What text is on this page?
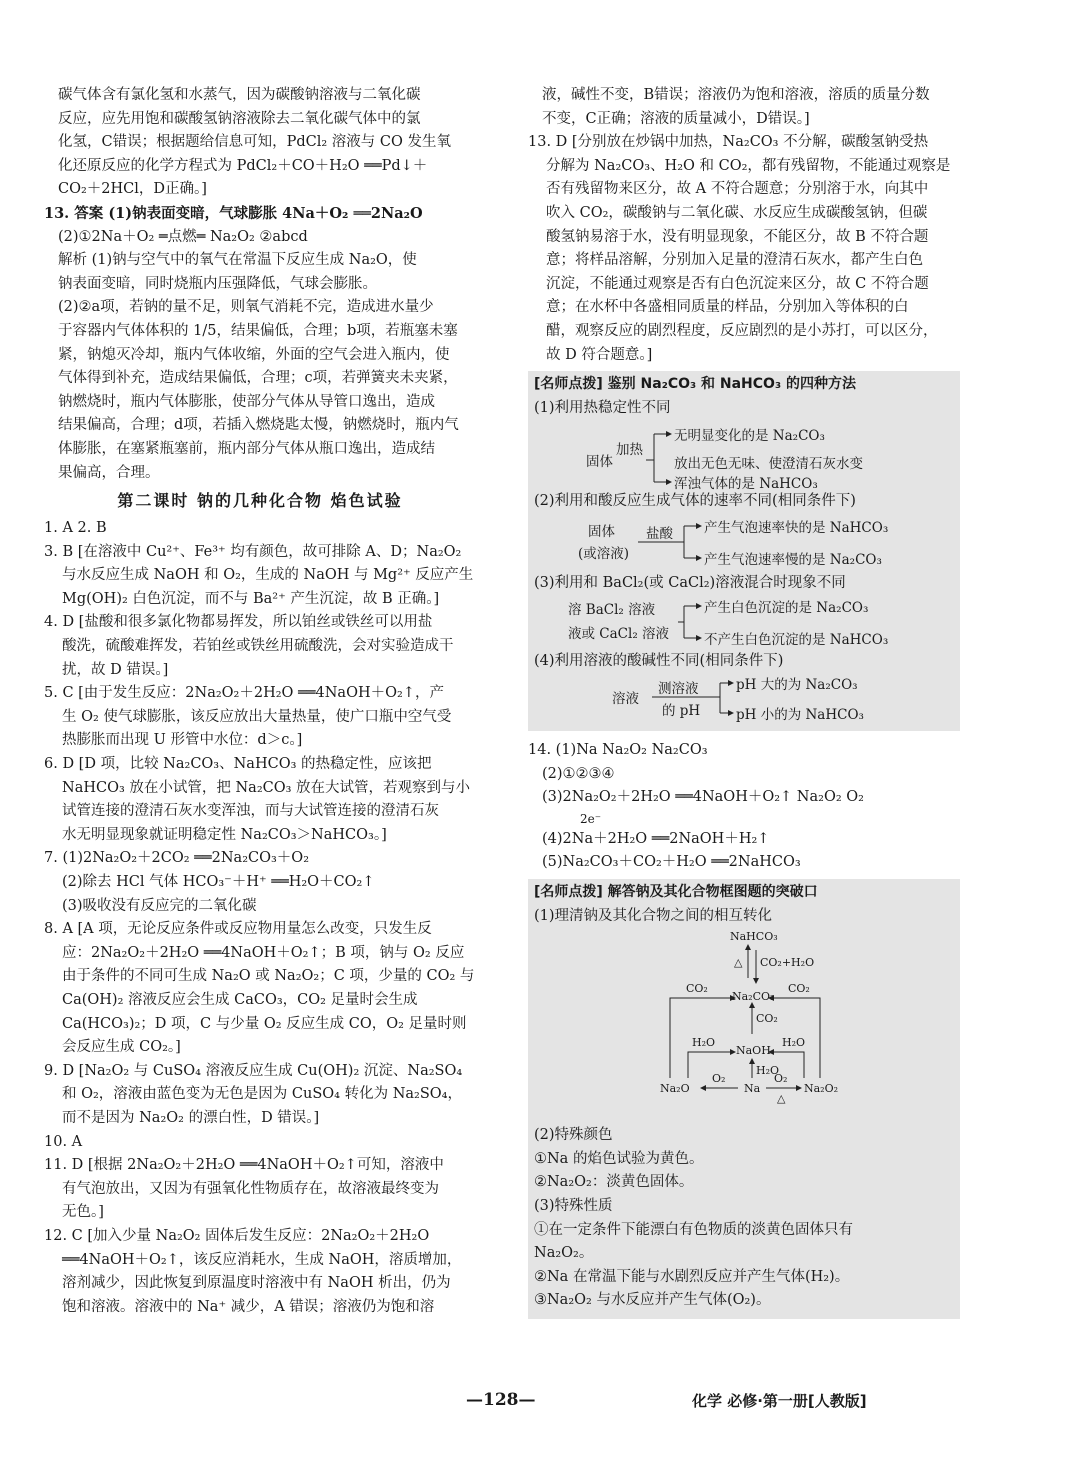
碳气体含有氯化氢和水蒸气，因为碳酸钠溶液与二氧化碳
反应，应先用饱和碳酸氢钠溶液除去二氧化碳气体中的氯
化氢，C错误；根据题给信息可知，PdCl₂ 溶液与 CO 发生氧
化还原反应的化学方程式为 PdCl₂＋CO＋H₂O ══Pd↓＋
CO₂＋2HCl，D正确。]
13. 答案 (1)钠表面变暗，气球膨胀 4Na＋O₂ ══2Na₂O
(2)①2Na＋O₂ ═点燃═ Na₂O₂ ②abcd
解析 (1)钠与空气中的氧气在常温下反应生成 Na₂O，使
钠表面变暗，同时烧瓶内压强降低，气球会膨胀。
(2)②a项，若钠的量不足，则氧气消耗不完，造成进水量少
于容器内气体体积的 1/5，结果偏低，合理；b项，若瓶塞未塞
紧，钠熄灭冷却，瓶内气体收缩，外面的空气会进入瓶内，使
气体得到补充，造成结果偏低，合理；c项，若弹簧夹未夹紧，
钠燃烧时，瓶内气体膨胀，使部分气体从导管口逸出，造成
结果偏高，合理；d项，若插入燃烧匙太慢，钠燃烧时，瓶内气
体膨胀，在塞紧瓶塞前，瓶内部分气体从瓶口逸出，造成结
果偏高，合理。
第二课时 钠的几种化合物 焰色试验
1. A 2. B
3. B [在溶液中 Cu²⁺、Fe³⁺ 均有颜色，故可排除 A、D；Na₂O₂
与水反应生成 NaOH 和 O₂，生成的 NaOH 与 Mg²⁺ 反应产生
Mg(OH)₂ 白色沉淀，而不与 Ba²⁺ 产生沉淀，故 B 正确。]
4. D [盐酸和很多氯化物都易挥发，所以铂丝或铁丝可以用盐
酸洗，硫酸难挥发，若铂丝或铁丝用硫酸洗，会对实验造成干
扰，故 D 错误。]
5. C [由于发生反应：2Na₂O₂＋2H₂O ══4NaOH＋O₂↑，产
生 O₂ 使气球膨胀，该反应放出大量热量，使广口瓶中空气受
热膨胀而出现 U 形管中水位：d＞c。]
6. D [D 项，比较 Na₂CO₃、NaHCO₃ 的热稳定性，应该把
NaHCO₃ 放在小试管，把 Na₂CO₃ 放在大试管，若观察到与小
试管连接的澄清石灰水变浑浊，而与大试管连接的澄清石灰
水无明显现象就证明稳定性 Na₂CO₃＞NaHCO₃。]
7. (1)2Na₂O₂＋2CO₂ ══2Na₂CO₃＋O₂
(2)除去 HCl 气体 HCO₃⁻＋H⁺ ══H₂O＋CO₂↑
(3)吸收没有反应完的二氧化碳
8. A [A 项，无论反应条件或反应物用量怎么改变，只发生反
应：2Na₂O₂＋2H₂O ══4NaOH＋O₂↑；B 项，钠与 O₂ 反应
由于条件的不同可生成 Na₂O 或 Na₂O₂；C 项，少量的 CO₂ 与
Ca(OH)₂ 溶液反应会生成 CaCO₃，CO₂ 足量时会生成
Ca(HCO₃)₂；D 项，C 与少量 O₂ 反应生成 CO，O₂ 足量时则
会反应生成 CO₂。]
9. D [Na₂O₂ 与 CuSO₄ 溶液反应生成 Cu(OH)₂ 沉淀、Na₂SO₄
和 O₂，溶液由蓝色变为无色是因为 CuSO₄ 转化为 Na₂SO₄，
而不是因为 Na₂O₂ 的漂白性，D 错误。]
10. A
11. D [根据 2Na₂O₂＋2H₂O ══4NaOH＋O₂↑可知，溶液中
有气泡放出，又因为有强氧化性物质存在，故溶液最终变为
无色。]
12. C [加入少量 Na₂O₂ 固体后发生反应：2Na₂O₂＋2H₂O
══4NaOH＋O₂↑，该反应消耗水，生成 NaOH，溶质增加，
溶剂减少，因此恢复到原温度时溶液中有 NaOH 析出，仍为
饱和溶液。溶液中的 Na⁺ 减少，A 错误；溶液仍为饱和溶
液，碱性不变，B错误；溶液仍为饱和溶液，溶质的质量分数
不变，C正确；溶液的质量减小，D错误。]
13. D [分别放在炒锅中加热，Na₂CO₃ 不分解，碳酸氢钠受热
分解为 Na₂CO₃、H₂O 和 CO₂，都有残留物，不能通过观察是
否有残留物来区分，故 A 不符合题意；分别溶于水，向其中
吹入 CO₂，碳酸钠与二氧化碳、水反应生成碳酸氢钠，但碳
酸氢钠易溶于水，没有明显现象，不能区分，故 B 不符合题
意；将样品溶解，分别加入足量的澄清石灰水，都产生白色
沉淀，不能通过观察是否有白色沉淀来区分，故 C 不符合题
意；在水杯中各盛相同质量的样品，分别加入等体积的白
醋，观察反应的剧烈程度，反应剧烈的是小苏打，可以区分，
故 D 符合题意。]
[名师点拨] 鉴别 Na₂CO₃ 和 NaHCO₃ 的四种方法
(1)利用热稳定性不同
固体
加热
无明显变化的是 Na₂CO₃
放出无色无味、使澄清石灰水变
浑浊气体的是 NaHCO₃
(2)利用和酸反应生成气体的速率不同(相同条件下)
固体
(或溶液)
盐酸 产生气泡速率快的是 NaHCO₃
产生气泡速率慢的是 Na₂CO₃
(3)利用和 BaCl₂(或 CaCl₂)溶液混合时现象不同
溶 BaCl₂ 溶液
液或 CaCl₂ 溶液
产生白色沉淀的是 Na₂CO₃
不产生白色沉淀的是 NaHCO₃
(4)利用溶液的酸碱性不同(相同条件下)
溶液
测溶液
的 pH
pH 大的为 Na₂CO₃
pH 小的为 NaHCO₃
14. (1)Na Na₂O₂ Na₂CO₃
(2)①②③④
(3)2Na₂O₂＋2H₂O ══4NaOH＋O₂↑ Na₂O₂ O₂
2e⁻
(4)2Na＋2H₂O ══2NaOH＋H₂↑
(5)Na₂CO₃＋CO₂＋H₂O ══2NaHCO₃
[名师点拨] 解答钠及其化合物框图题的突破口
(1)理清钠及其化合物之间的相互转化
NaHCO₃
△ CO₂+H₂O
Na₂CO₃
CO₂	CO₂
CO₂
H₂O	H₂O
NaOH
H₂O
Na₂O
O₂
Na
O₂
△
Na₂O₂
(2)特殊颜色
①Na 的焰色试验为黄色。
②Na₂O₂：淡黄色固体。
(3)特殊性质
①在一定条件下能漂白有色物质的淡黄色固体只有
Na₂O₂。
②Na 在常温下能与水剧烈反应并产生气体(H₂)。
③Na₂O₂ 与水反应并产生气体(O₂)。
—128—	化学 必修·第一册[人教版]
